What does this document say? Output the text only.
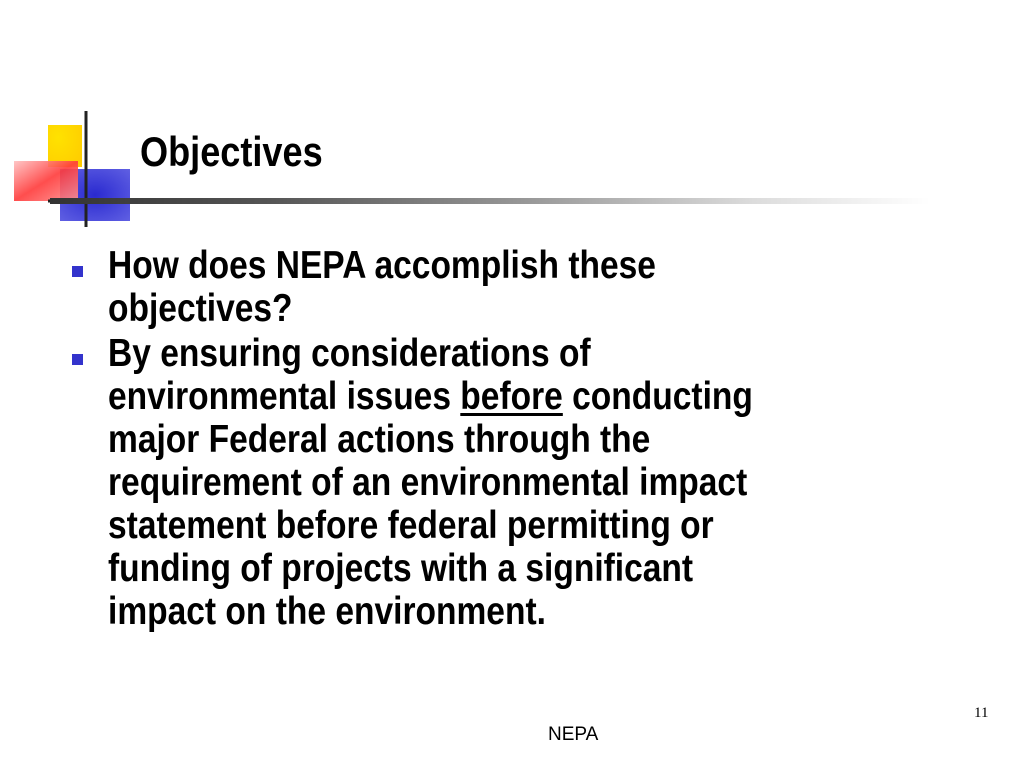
Objectives
How does NEPA accomplish these
objectives?
By ensuring considerations of
environmental issues before conducting
major Federal actions through the
requirement of an environmental impact
statement before federal permitting or
funding of projects with a significant
impact on the environment.
NEPA
11
